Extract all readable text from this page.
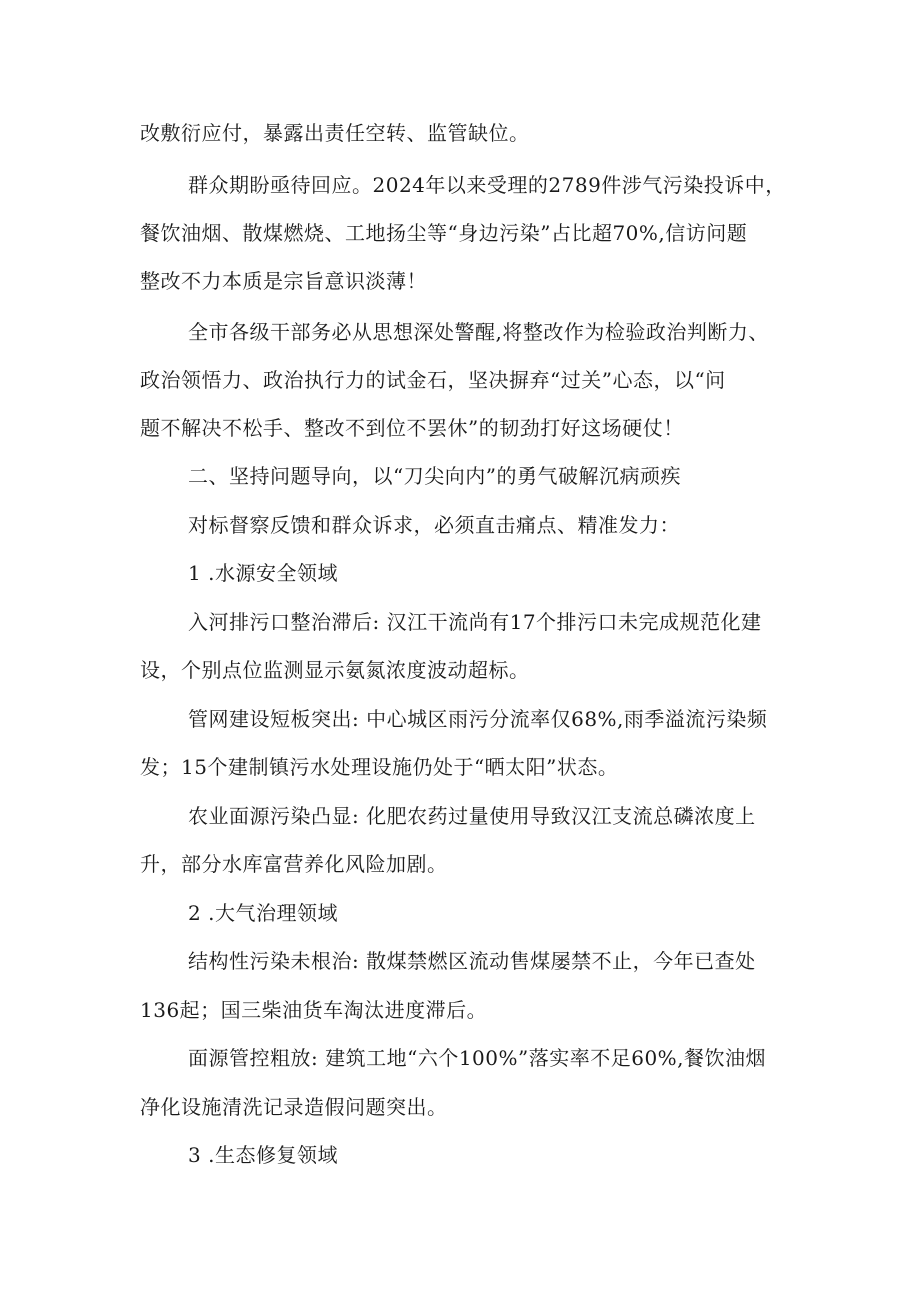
改敷衍应付，暴露出责任空转、监管缺位。
群众期盼亟待回应。2024年以来受理的2789件涉气污染投诉中，
餐饮油烟、散煤燃烧、工地扬尘等“身边污染”占比超70%,信访问题
整改不力本质是宗旨意识淡薄！
全市各级干部务必从思想深处警醒,将整改作为检验政治判断力、
政治领悟力、政治执行力的试金石，坚决摒弃“过关”心态，以“问
题不解决不松手、整改不到位不罢休”的韧劲打好这场硬仗！
二、坚持问题导向，以“刀尖向内”的勇气破解沉病顽疾
对标督察反馈和群众诉求，必须直击痛点、精准发力：
1 .水源安全领域
入河排污口整治滞后: 汉江干流尚有17个排污口未完成规范化建
设，个别点位监测显示氨氮浓度波动超标。
管网建设短板突出: 中心城区雨污分流率仅68%,雨季溢流污染频
发；15个建制镇污水处理设施仍处于“晒太阳”状态。
农业面源污染凸显: 化肥农药过量使用导致汉江支流总磷浓度上
升，部分水库富营养化风险加剧。
2 .大气治理领域
结构性污染未根治: 散煤禁燃区流动售煤屡禁不止，今年已查处
136起；国三柴油货车淘汰进度滞后。
面源管控粗放: 建筑工地“六个100%”落实率不足60%,餐饮油烟
净化设施清洗记录造假问题突出。
3 .生态修复领域
